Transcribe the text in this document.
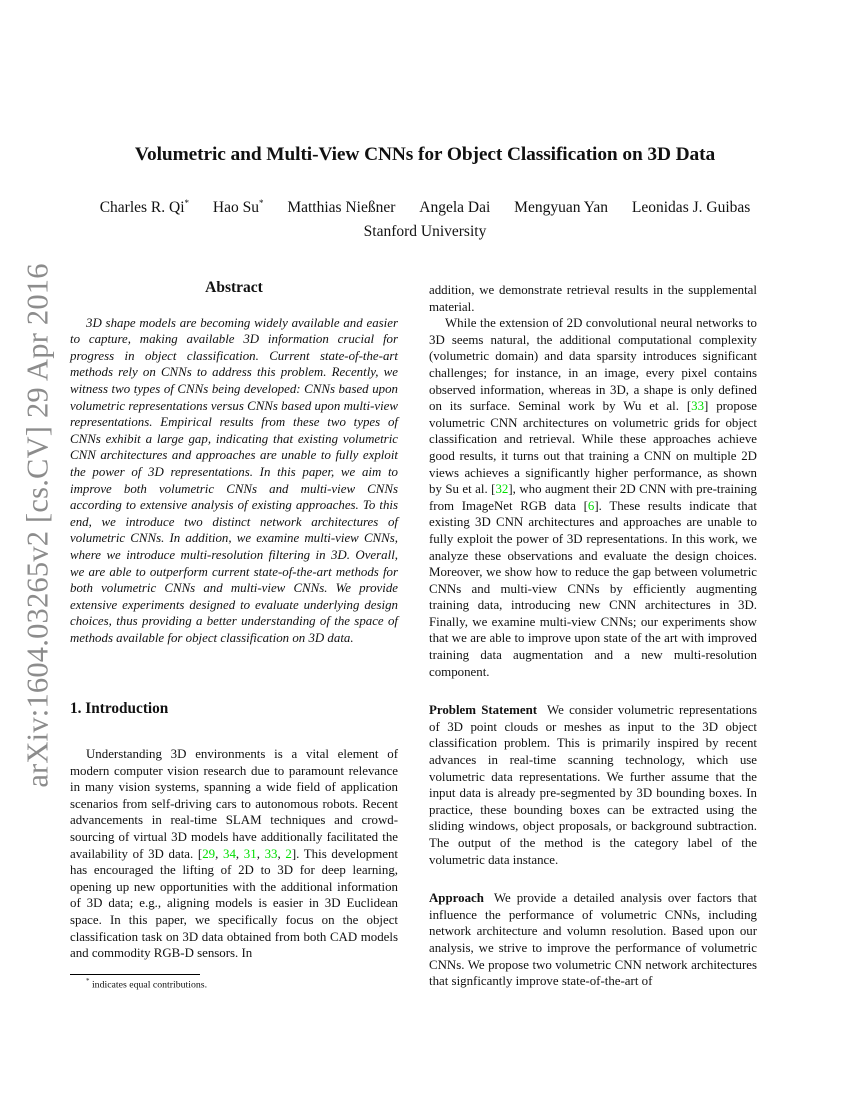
arXiv:1604.03265v2 [cs.CV] 29 Apr 2016
Volumetric and Multi-View CNNs for Object Classification on 3D Data
Charles R. Qi* Hao Su* Matthias Nießner Angela Dai Mengyuan Yan Leonidas J. Guibas
Stanford University
Abstract

3D shape models are becoming widely available and easier to capture, making available 3D information crucial for progress in object classification. Current state-of-the-art methods rely on CNNs to address this problem. Recently, we witness two types of CNNs being developed: CNNs based upon volumetric representations versus CNNs based upon multi-view representations. Empirical results from these two types of CNNs exhibit a large gap, indicating that existing volumetric CNN architectures and approaches are unable to fully exploit the power of 3D representations. In this paper, we aim to improve both volumetric CNNs and multi-view CNNs according to extensive analysis of existing approaches. To this end, we introduce two distinct network architectures of volumetric CNNs. In addition, we examine multi-view CNNs, where we introduce multi-resolution filtering in 3D. Overall, we are able to outperform current state-of-the-art methods for both volumetric CNNs and multi-view CNNs. We provide extensive experiments designed to evaluate underlying design choices, thus providing a better understanding of the space of methods available for object classification on 3D data.

1. Introduction

Understanding 3D environments is a vital element of modern computer vision research due to paramount relevance in many vision systems, spanning a wide field of application scenarios from self-driving cars to autonomous robots. Recent advancements in real-time SLAM techniques and crowd-sourcing of virtual 3D models have additionally facilitated the availability of 3D data. [29, 34, 31, 33, 2]. This development has encouraged the lifting of 2D to 3D for deep learning, opening up new opportunities with the additional information of 3D data; e.g., aligning models is easier in 3D Euclidean space. In this paper, we specifically focus on the object classification task on 3D data obtained from both CAD models and commodity RGB-D sensors. In

* indicates equal contributions.

addition, we demonstrate retrieval results in the supplemental material.

While the extension of 2D convolutional neural networks to 3D seems natural, the additional computational complexity (volumetric domain) and data sparsity introduces significant challenges; for instance, in an image, every pixel contains observed information, whereas in 3D, a shape is only defined on its surface. Seminal work by Wu et al. [33] propose volumetric CNN architectures on volumetric grids for object classification and retrieval. While these approaches achieve good results, it turns out that training a CNN on multiple 2D views achieves a significantly higher performance, as shown by Su et al. [32], who augment their 2D CNN with pre-training from ImageNet RGB data [6]. These results indicate that existing 3D CNN architectures and approaches are unable to fully exploit the power of 3D representations. In this work, we analyze these observations and evaluate the design choices. Moreover, we show how to reduce the gap between volumetric CNNs and multi-view CNNs by efficiently augmenting training data, introducing new CNN architectures in 3D. Finally, we examine multi-view CNNs; our experiments show that we are able to improve upon state of the art with improved training data augmentation and a new multi-resolution component.

Problem Statement We consider volumetric representations of 3D point clouds or meshes as input to the 3D object classification problem. This is primarily inspired by recent advances in real-time scanning technology, which use volumetric data representations. We further assume that the input data is already pre-segmented by 3D bounding boxes. In practice, these bounding boxes can be extracted using the sliding windows, object proposals, or background subtraction. The output of the method is the category label of the volumetric data instance.

Approach We provide a detailed analysis over factors that influence the performance of volumetric CNNs, including network architecture and volumn resolution. Based upon our analysis, we strive to improve the performance of volumetric CNNs. We propose two volumetric CNN network architectures that signficantly improve state-of-the-art of
